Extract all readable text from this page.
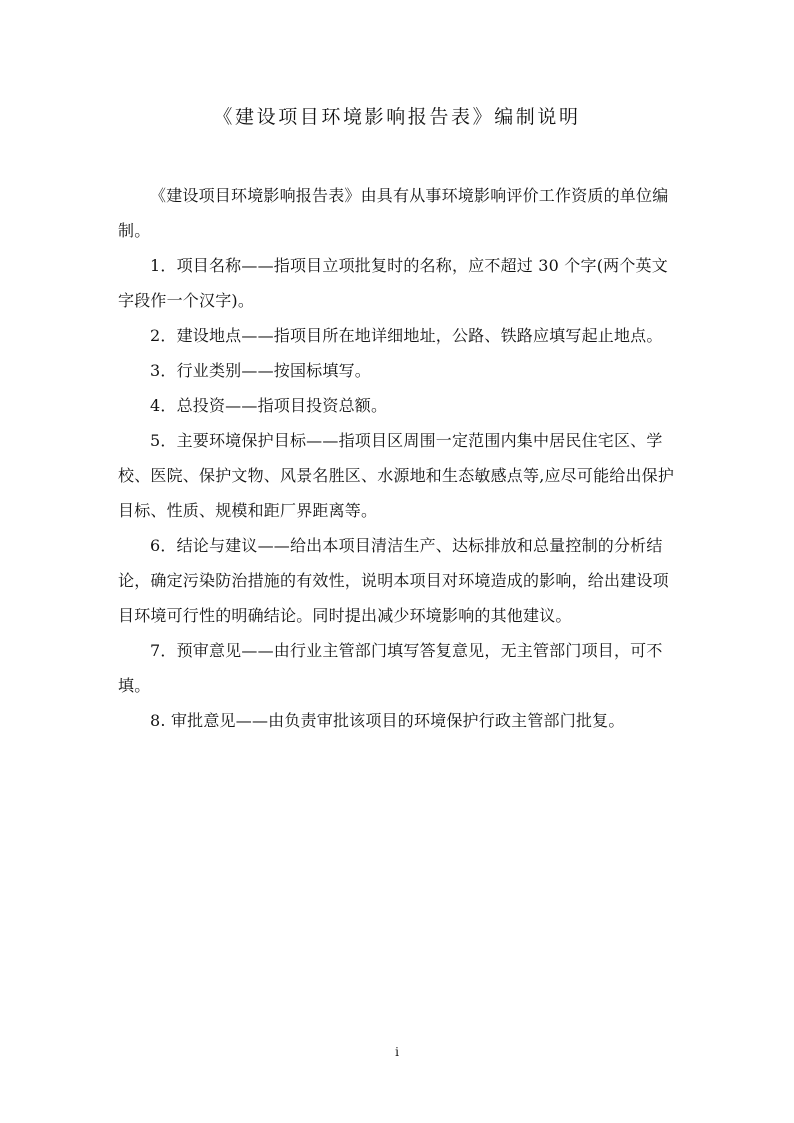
《建设项目环境影响报告表》编制说明

《建设项目环境影响报告表》由具有从事环境影响评价工作资质的单位编制。

1．项目名称——指项目立项批复时的名称，应不超过 30 个字(两个英文字段作一个汉字)。

2．建设地点——指项目所在地详细地址，公路、铁路应填写起止地点。

3．行业类别——按国标填写。

4．总投资——指项目投资总额。

5．主要环境保护目标——指项目区周围一定范围内集中居民住宅区、学校、医院、保护文物、风景名胜区、水源地和生态敏感点等,应尽可能给出保护目标、性质、规模和距厂界距离等。

6．结论与建议——给出本项目清洁生产、达标排放和总量控制的分析结论，确定污染防治措施的有效性，说明本项目对环境造成的影响，给出建设项目环境可行性的明确结论。同时提出减少环境影响的其他建议。

7．预审意见——由行业主管部门填写答复意见，无主管部门项目，可不填。

8. 审批意见——由负责审批该项目的环境保护行政主管部门批复。

i
